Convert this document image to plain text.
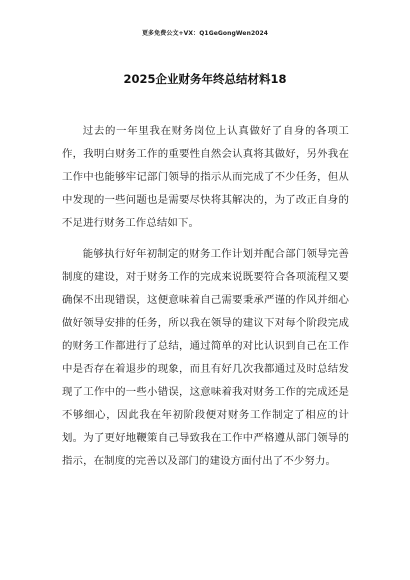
更多免费公文+VX：Q1GeGongWen2024
2025企业财务年终总结材料18

过去的一年里我在财务岗位上认真做好了自身的各项工作，我明白财务工作的重要性自然会认真将其做好，另外我在工作中也能够牢记部门领导的指示从而完成了不少任务，但从中发现的一些问题也是需要尽快将其解决的，为了改正自身的不足进行财务工作总结如下。

能够执行好年初制定的财务工作计划并配合部门领导完善制度的建设，对于财务工作的完成来说既要符合各项流程又要确保不出现错误，这便意味着自己需要秉承严谨的作风并细心做好领导安排的任务，所以我在领导的建议下对每个阶段完成的财务工作都进行了总结，通过简单的对比认识到自己在工作中是否存在着退步的现象，而且有好几次我都通过及时总结发现了工作中的一些小错误，这意味着我对财务工作的完成还是不够细心，因此我在年初阶段便对财务工作制定了相应的计划。为了更好地鞭策自己导致我在工作中严格遵从部门领导的指示，在制度的完善以及部门的建设方面付出了不少努力。
